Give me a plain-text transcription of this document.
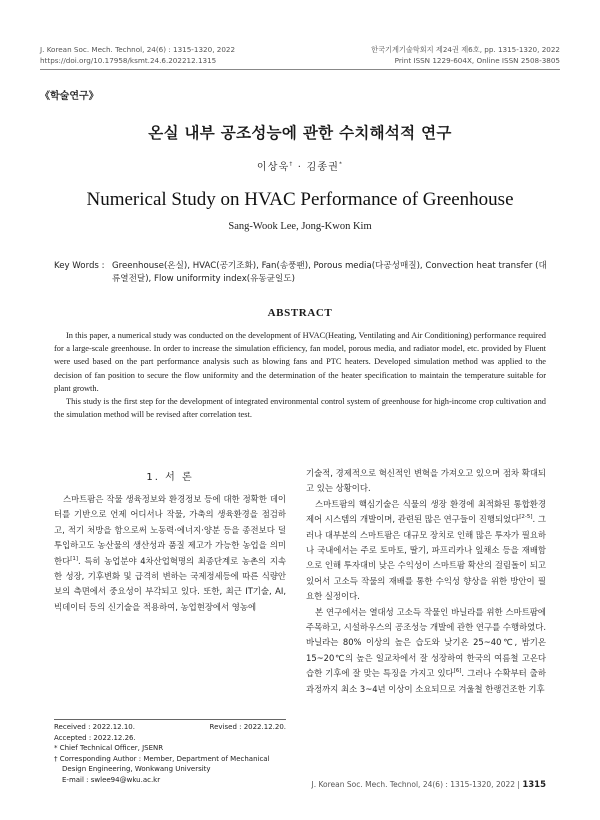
J. Korean Soc. Mech. Technol, 24(6) : 1315-1320, 2022
https://doi.org/10.17958/ksmt.24.6.202212.1315
한국기계기술학회지 제24권 제6호, pp. 1315-1320, 2022
Print ISSN 1229-604X, Online ISSN 2508-3805
《학술연구》
온실 내부 공조성능에 관한 수치해석적 연구
이상욱† · 김종권*
Numerical Study on HVAC Performance of Greenhouse
Sang-Wook Lee, Jong-Kwon Kim
Key Words : Greenhouse(온실), HVAC(공기조화), Fan(송풍팬), Porous media(다공성매질), Convection heat transfer (대류열전달), Flow uniformity index(유동균일도)
ABSTRACT

In this paper, a numerical study was conducted on the development of HVAC(Heating, Ventilating and Air Conditioning) performance required for a large-scale greenhouse. In order to increase the simulation efficiency, fan model, porous media, and radiator model, etc. provided by Fluent were used based on the part performance analysis such as blowing fans and PTC heaters. Developed simulation method was applied to the decision of fan position to secure the flow uniformity and the determination of the heater specification to maintain the temperature suitable for plant growth.

This study is the first step for the development of integrated environmental control system of greenhouse for high-income crop cultivation and the simulation method will be revised after correlation test.

1. 서 론

스마트팜은 작물 생육정보와 환경정보 등에 대한 정확한 데이터를 기반으로 언제 어디서나 작물, 가축의 생육환경을 점검하고, 적기 처방을 함으로써 노동력·에너지·양분 등을 종전보다 덜 투입하고도 농산물의 생산성과 품질 제고가 가능한 농업을 의미한다[1]. 특히 농업분야 4차산업혁명의 최종단계로 농촌의 지속한 성장, 기후변화 및 급격히 변하는 국제정세등에 따른 식량안보의 측면에서 중요성이 부각되고 있다. 또한, 최근 IT기술, AI, 빅데이터 등의 신기술을 적용하여, 농업현장에서 영농에

Received : 2022.12.10.	Revised : 2022.12.20.
Accepted : 2022.12.26.
* Chief Technical Officer, JSENR
† Corresponding Author : Member, Department of Mechanical Design Engineering, Wonkwang University
E-mail : swlee94@wku.ac.kr

기술적, 경제적으로 혁신적인 변혁을 가져오고 있으며 점차 확대되고 있는 상황이다.

스마트팜의 핵심기술은 식물의 생장 환경에 최적화된 통합환경제어 시스템의 개발이며, 관련된 많은 연구들이 진행되었다[2-5]. 그러나 대부분의 스마트팜은 대규모 장치로 인해 많은 투자가 필요하나 국내에서는 주로 토마토, 딸기, 파프리카나 잎채소 등을 재배함으로 인해 투자대비 낮은 수익성이 스마트팜 확산의 걸림돌이 되고 있어서 고소득 작물의 재배를 통한 수익성 향상을 위한 방안이 필요한 실정이다.

본 연구에서는 열대성 고소득 작물인 바닐라를 위한 스마트팜에 주목하고, 시설하우스의 공조성능 개발에 관한 연구를 수행하였다. 바닐라는 80% 이상의 높은 습도와 낮기온 25~40℃, 밤기온 15~20℃의 높은 일교차에서 잘 성장하여 한국의 여름철 고온다습한 기후에 잘 맞는 특징을 가지고 있다[6]. 그러나 수확부터 출하과정까지 최소 3~4년 이상이 소요되므로 겨울철 한랭건조한 기후

J. Korean Soc. Mech. Technol, 24(6) : 1315-1320, 2022 | 1315
